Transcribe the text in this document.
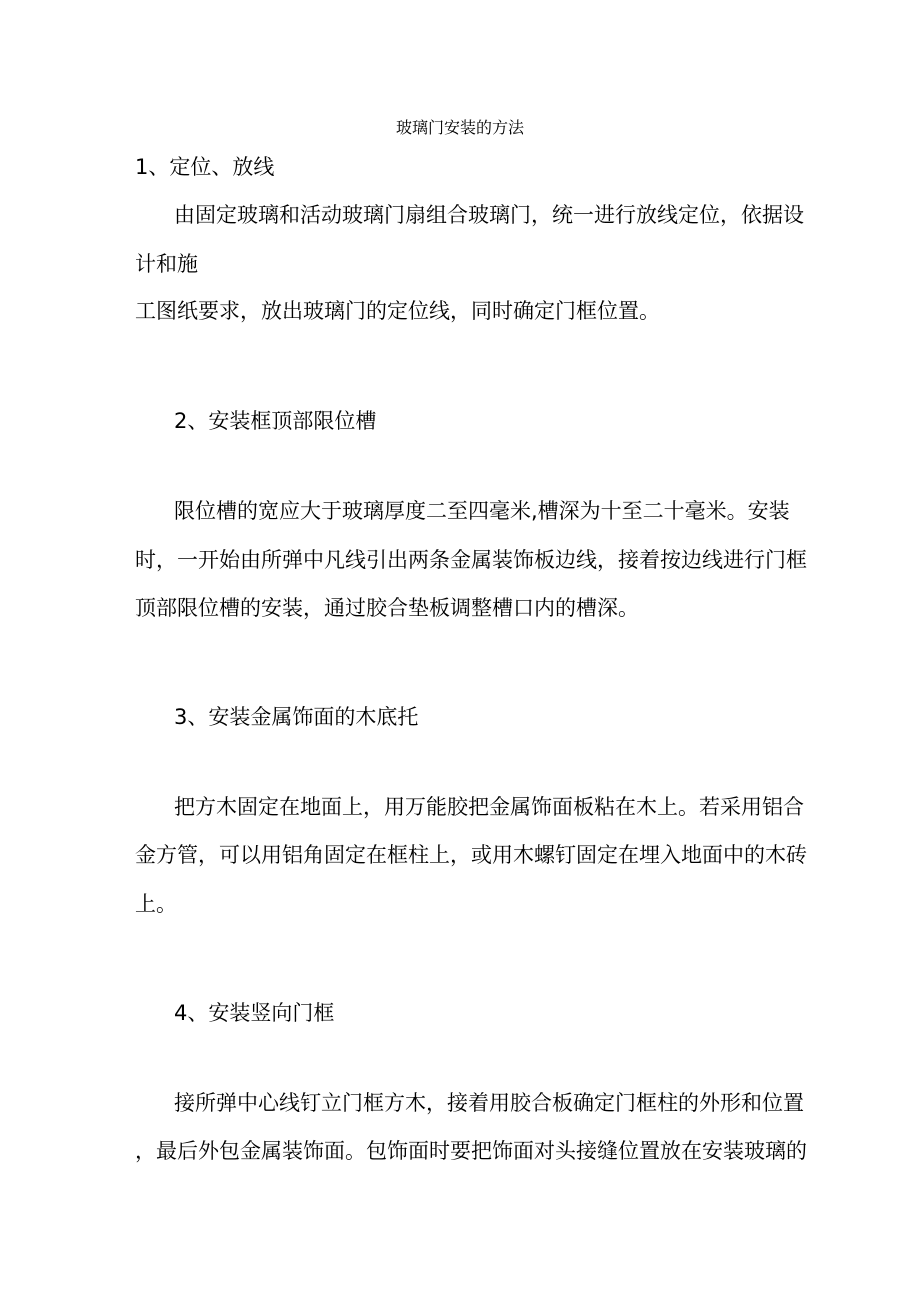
玻璃门安装的方法
1、定位、放线
由固定玻璃和活动玻璃门扇组合玻璃门，统一进行放线定位，依据设
计和施
工图纸要求，放出玻璃门的定位线，同时确定门框位置。
2、安装框顶部限位槽
限位槽的宽应大于玻璃厚度二至四毫米,槽深为十至二十毫米。安装
时，一开始由所弹中凡线引出两条金属装饰板边线，接着按边线进行门框
顶部限位槽的安装，通过胶合垫板调整槽口内的槽深。
3、安装金属饰面的木底托
把方木固定在地面上，用万能胶把金属饰面板粘在木上。若采用铝合
金方管，可以用铝角固定在框柱上，或用木螺钉固定在埋入地面中的木砖
上。
4、安装竖向门框
接所弹中心线钉立门框方木，接着用胶合板确定门框柱的外形和位置
，最后外包金属装饰面。包饰面时要把饰面对头接缝位置放在安装玻璃的
